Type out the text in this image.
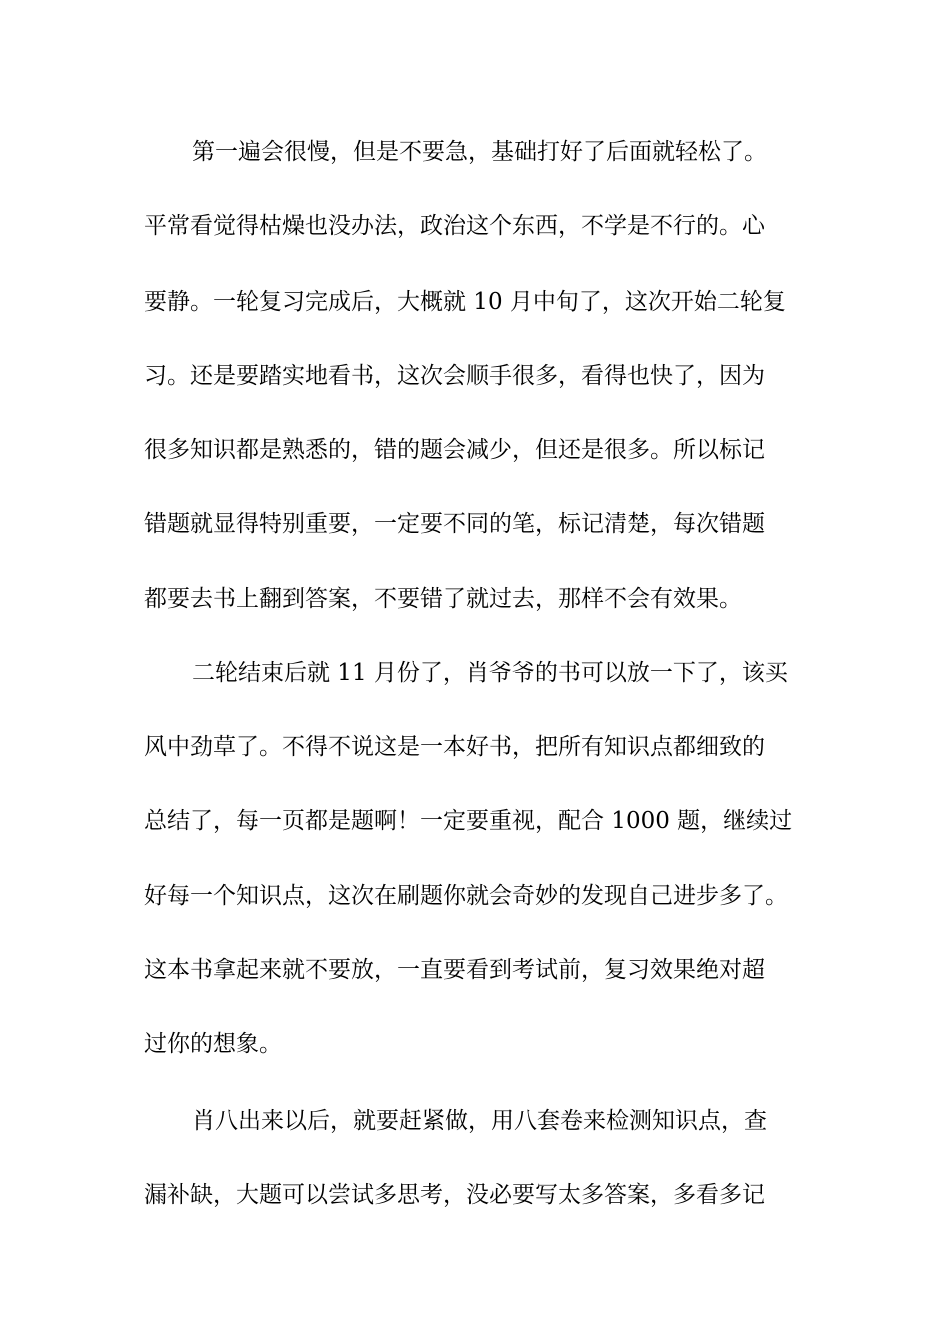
第一遍会很慢，但是不要急，基础打好了后面就轻松了。
平常看觉得枯燥也没办法，政治这个东西，不学是不行的。心
要静。一轮复习完成后，大概就 10 月中旬了，这次开始二轮复
习。还是要踏实地看书，这次会顺手很多，看得也快了，因为
很多知识都是熟悉的，错的题会减少，但还是很多。所以标记
错题就显得特别重要，一定要不同的笔，标记清楚，每次错题
都要去书上翻到答案，不要错了就过去，那样不会有效果。
二轮结束后就 11 月份了，肖爷爷的书可以放一下了，该买
风中劲草了。不得不说这是一本好书，把所有知识点都细致的
总结了，每一页都是题啊！一定要重视，配合 1000 题，继续过
好每一个知识点，这次在刷题你就会奇妙的发现自己进步多了。
这本书拿起来就不要放，一直要看到考试前，复习效果绝对超
过你的想象。
肖八出来以后，就要赶紧做，用八套卷来检测知识点，查
漏补缺，大题可以尝试多思考，没必要写太多答案，多看多记
